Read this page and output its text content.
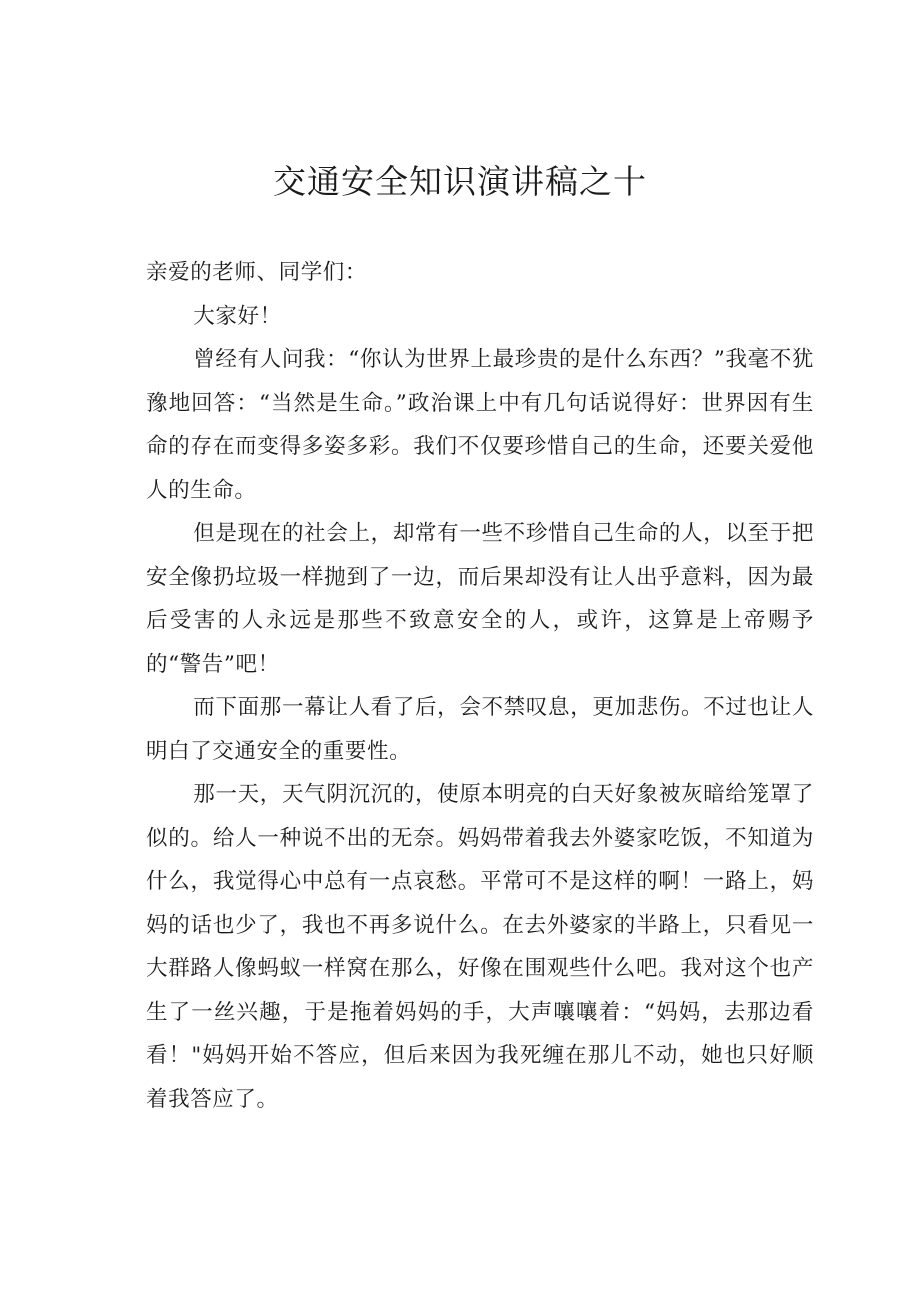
交通安全知识演讲稿之十

亲爱的老师、同学们：

大家好！

曾经有人问我：“你认为世界上最珍贵的是什么东西？”我毫不犹豫地回答：“当然是生命。”政治课上中有几句话说得好：世界因有生命的存在而变得多姿多彩。我们不仅要珍惜自己的生命，还要关爱他人的生命。

但是现在的社会上，却常有一些不珍惜自己生命的人，以至于把安全像扔垃圾一样抛到了一边，而后果却没有让人出乎意料，因为最后受害的人永远是那些不致意安全的人，或许，这算是上帝赐予的“警告”吧！

而下面那一幕让人看了后，会不禁叹息，更加悲伤。不过也让人明白了交通安全的重要性。

那一天，天气阴沉沉的，使原本明亮的白天好象被灰暗给笼罩了似的。给人一种说不出的无奈。妈妈带着我去外婆家吃饭，不知道为什么，我觉得心中总有一点哀愁。平常可不是这样的啊！一路上，妈妈的话也少了，我也不再多说什么。在去外婆家的半路上，只看见一大群路人像蚂蚁一样窝在那么，好像在围观些什么吧。我对这个也产生了一丝兴趣，于是拖着妈妈的手，大声嚷嚷着：“妈妈，去那边看看！"妈妈开始不答应，但后来因为我死缠在那儿不动，她也只好顺着我答应了。
